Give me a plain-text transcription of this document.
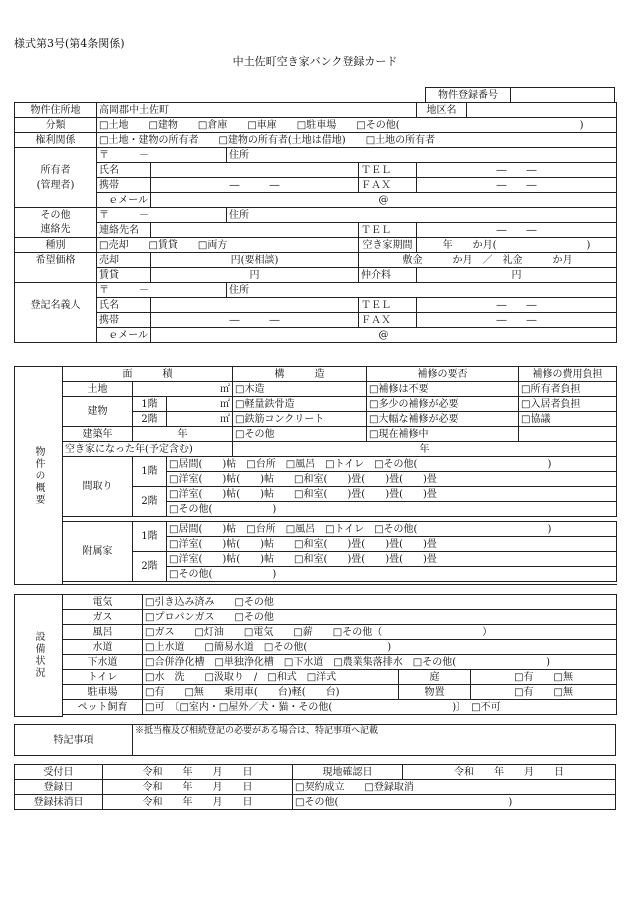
様式第3号(第4条関係)
中土佐町空き家バンク登録カード
物件登録番号	
物件住所地	高岡郡中土佐町				地区名	
分類	□土地　　□建物　　□倉庫　　□車庫　　□駐車場　　□その他(　　　　　　　　　　　　　　　　　　)					
権利関係	□土地・建物の所有者　　□建物の所有者(土地は借地)　　□土地の所有者					
	〒　　　－		住所			
所有者	氏名			ＴＥＬ	―　　―	
(管理者)	携帯	―　　　―		ＦＡＸ	―　　―	
	ｅメール	@				
その他	〒　　　－		住所			
連絡先	連絡先名			ＴＥＬ	―　　―	
種別	□売却　　□賃貸　　□両方			空き家期間	年　　か月(　　　　　　　　　)	
希望価格	売却	円(要相談)		敷金　　　か月　／　礼金　　　か月		
	賃貸	円		仲介料	円	
	〒　　　－		住所			
登記名義人	氏名			ＴＥＬ	―　　―	
	携帯	―　　　―		ＦＡＸ	―　　―	
	ｅメール	@				
物件の概要	面　　　積			構　　　造	補修の要否	補修の費用負担
	土地	㎡		□木造	□補修は不要	□所有者負担
	建物	1階	㎡	□軽量鉄骨造	□多少の補修が必要	□入居者負担
		2階	㎡	□鉄筋コンクリート	□大幅な補修が必要	□協議
	建築年	年		□その他	□現在補修中	
	空き家になった年(予定含む)			年		
	間取り	1階	□居間(　　)帖　□台所　□風呂　□トイレ　□その他(　　　　　　　　　　　　　)			
			□洋室(　　)帖(　　)帖　　□和室(　　)畳(　　)畳(　　)畳			
		2階	□洋室(　　)帖(　　)帖　　□和室(　　)畳(　　)畳(　　)畳			
			□その他(　　　　　　)			

	附属家	1階	□居間(　　)帖　□台所　□風呂　□トイレ　□その他(　　　　　　　　　　　　　)			
			□洋室(　　)帖(　　)帖　　□和室(　　)畳(　　)畳(　　)畳			
		2階	□洋室(　　)帖(　　)帖　　□和室(　　)畳(　　)畳(　　)畳			
			□その他(　　　　　　)			

設備状況	電気	□引き込み済み　　□その他		
	ガス	□プロパンガス　　□その他		
	風呂	□ガス　　□灯油　　□電気　　□薪　　□その他（　　　　　　　　　　）		
	水道	□上水道　　□簡易水道　□その他(　　　　　　　　)		
	下水道	□合併浄化槽　□単独浄化槽　□下水道　□農業集落排水　□その他(　　　　　　　　　)		
	トイレ	□水　洗　　□汲取り　/　□和式　□洋式	庭	□有　　□無
	駐車場	□有　　□無　　乗用車(　　台)軽(　　台)	物置	□有　　□無
	ペット飼育	□可　〔□室内・□屋外／犬・猫・その他(　　　　　　　　　　　　)〕　□不可		

特記事項	※抵当権及び相続登記の必要がある場合は、特記事項へ記載
受付日	令和　　年　　月　　日	現地確認日	令和　　年　　月　　日
登録日	令和　　年　　月　　日	□契約成立　　□登録取消	
登録抹消日	令和　　年　　月　　日	□その他(　　　　　　　　　　　　　　　　　)	
